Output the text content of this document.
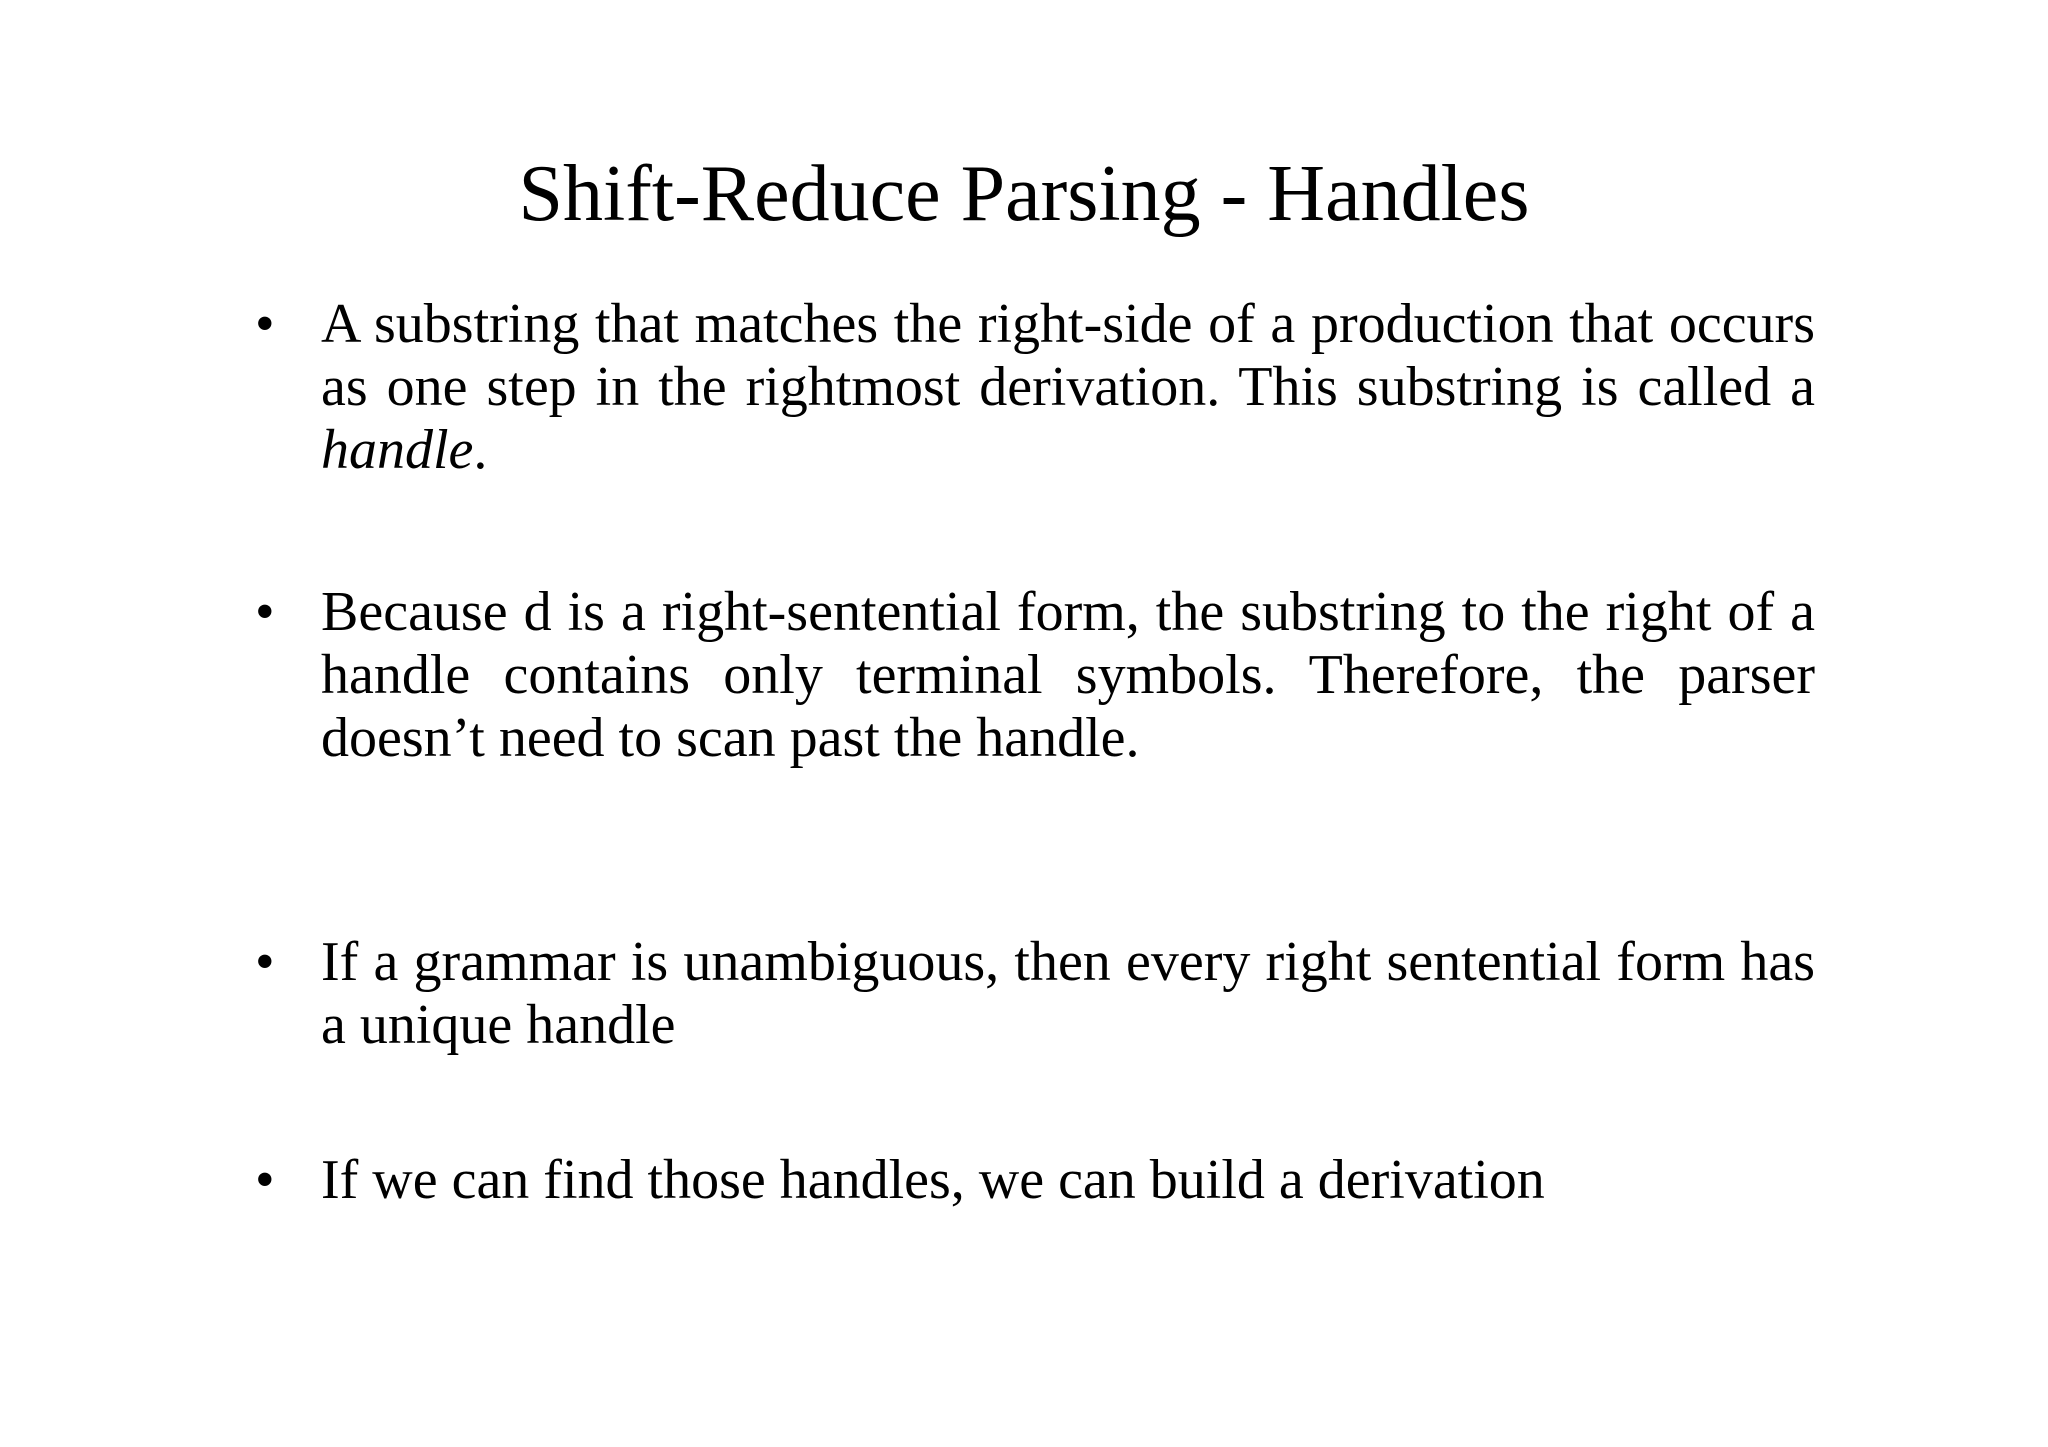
Shift-Reduce Parsing - Handles
• A substring that matches the right-side of a production that occurs as one step in the rightmost derivation. This substring is called a handle.
• Because d is a right-sentential form, the substring to the right of a handle contains only terminal symbols. Therefore, the parser doesn’t need to scan past the handle.
• If a grammar is unambiguous, then every right sentential form has a unique handle
• If we can find those handles, we can build a derivation
